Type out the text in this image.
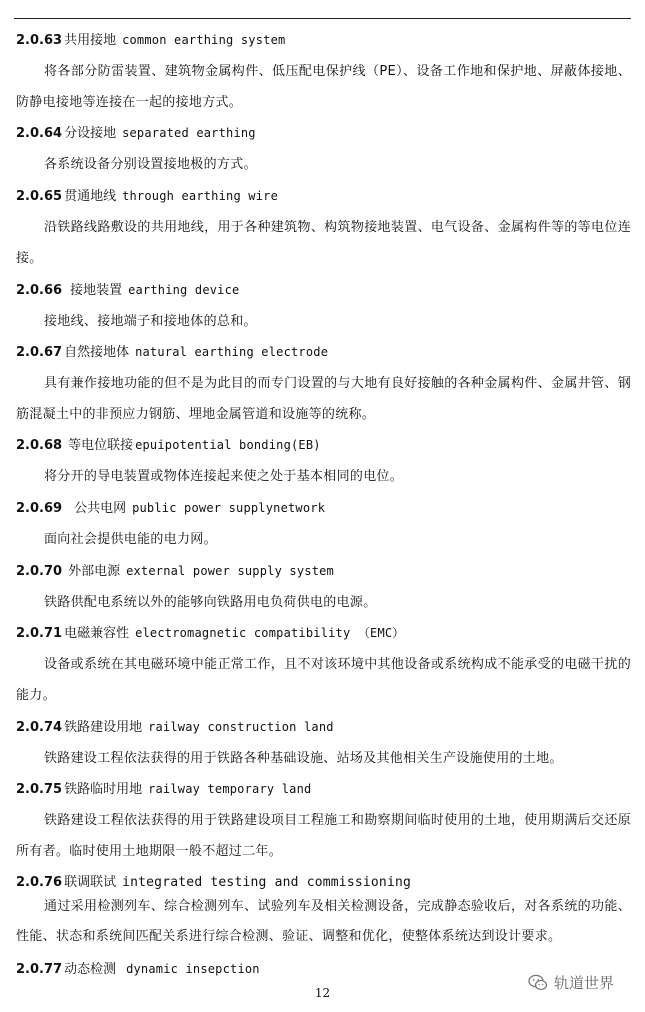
2.0.63 共用接地 common earthing system
将各部分防雷装置、建筑物金属构件、低压配电保护线（PE）、设备工作地和保护地、屏蔽体接地、防静电接地等连接在一起的接地方式。
2.0.64 分设接地 separated earthing
各系统设备分别设置接地极的方式。
2.0.65 贯通地线 through earthing wire
沿铁路线路敷设的共用地线，用于各种建筑物、构筑物接地装置、电气设备、金属构件等的等电位连接。
2.0.66 接地装置 earthing device
接地线、接地端子和接地体的总和。
2.0.67 自然接地体 natural earthing electrode
具有兼作接地功能的但不是为此目的而专门设置的与大地有良好接触的各种金属构件、金属井管、钢筋混凝土中的非预应力钢筋、埋地金属管道和设施等的统称。
2.0.68 等电位联接 epuipotential bonding(EB)
将分开的导电装置或物体连接起来使之处于基本相同的电位。
2.0.69 公共电网 public power supplynetwork
面向社会提供电能的电力网。
2.0.70 外部电源 external power supply system
铁路供配电系统以外的能够向铁路用电负荷供电的电源。
2.0.71 电磁兼容性 electromagnetic compatibility （EMC）
设备或系统在其电磁环境中能正常工作，且不对该环境中其他设备或系统构成不能承受的电磁干扰的能力。
2.0.74 铁路建设用地 railway construction land
铁路建设工程依法获得的用于铁路各种基础设施、站场及其他相关生产设施使用的土地。
2.0.75 铁路临时用地 railway temporary land
铁路建设工程依法获得的用于铁路建设项目工程施工和勘察期间临时使用的土地，使用期满后交还原所有者。临时使用土地期限一般不超过二年。
2.0.76 联调联试 integrated testing and commissioning
通过采用检测列车、综合检测列车、试验列车及相关检测设备，完成静态验收后，对各系统的功能、性能、状态和系统间匹配关系进行综合检测、验证、调整和优化，使整体系统达到设计要求。
2.0.77 动态检测 dynamic insepction
12
轨道世界
